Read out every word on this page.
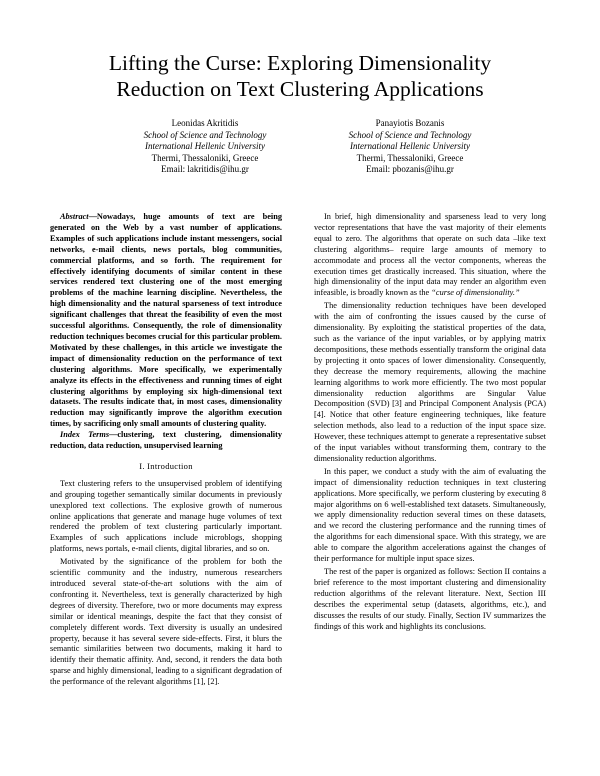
Lifting the Curse: Exploring Dimensionality
Reduction on Text Clustering Applications
Leonidas Akritidis
School of Science and Technology
International Hellenic University
Thermi, Thessaloniki, Greece
Email: lakritidis@ihu.gr
Panayiotis Bozanis
School of Science and Technology
International Hellenic University
Thermi, Thessaloniki, Greece
Email: pbozanis@ihu.gr

Abstract—Nowadays, huge amounts of text are being generated on the Web by a vast number of applications. Examples of such applications include instant messengers, social networks, e-mail clients, news portals, blog communities, commercial platforms, and so forth. The requirement for effectively identifying documents of similar content in these services rendered text clustering one of the most emerging problems of the machine learning discipline. Nevertheless, the high dimensionality and the natural sparseness of text introduce significant challenges that threat the feasibility of even the most successful algorithms. Consequently, the role of dimensionality reduction techniques becomes crucial for this particular problem. Motivated by these challenges, in this article we investigate the impact of dimensionality reduction on the performance of text clustering algorithms. More specifically, we experimentally analyze its effects in the effectiveness and running times of eight clustering algorithms by employing six high-dimensional text datasets. The results indicate that, in most cases, dimensionality reduction may significantly improve the algorithm execution times, by sacrificing only small amounts of clustering quality.

Index Terms—clustering, text clustering, dimensionality reduction, data reduction, unsupervised learning

I. Introduction

Text clustering refers to the unsupervised problem of identifying and grouping together semantically similar documents in previously unexplored text collections. The explosive growth of numerous online applications that generate and manage huge volumes of text rendered the problem of text clustering particularly important. Examples of such applications include microblogs, shopping platforms, news portals, e-mail clients, digital libraries, and so on.

Motivated by the significance of the problem for both the scientific community and the industry, numerous researchers introduced several state-of-the-art solutions with the aim of confronting it. Nevertheless, text is generally characterized by high degrees of diversity. Therefore, two or more documents may express similar or identical meanings, despite the fact that they consist of completely different words. Text diversity is usually an undesired property, because it has several severe side-effects. First, it blurs the semantic similarities between two documents, making it hard to identify their thematic affinity. And, second, it renders the data both sparse and highly dimensional, leading to a significant degradation of the performance of the relevant algorithms [1], [2].

In brief, high dimensionality and sparseness lead to very long vector representations that have the vast majority of their elements equal to zero. The algorithms that operate on such data –like text clustering algorithms– require large amounts of memory to accommodate and process all the vector components, whereas the execution times get drastically increased. This situation, where the high dimensionality of the input data may render an algorithm even infeasible, is broadly known as the “curse of dimensionality.”

The dimensionality reduction techniques have been developed with the aim of confronting the issues caused by the curse of dimensionality. By exploiting the statistical properties of the data, such as the variance of the input variables, or by applying matrix decompositions, these methods essentially transform the original data by projecting it onto spaces of lower dimensionality. Consequently, they decrease the memory requirements, allowing the machine learning algorithms to work more efficiently. The two most popular dimensionality reduction algorithms are Singular Value Decomposition (SVD) [3] and Principal Component Analysis (PCA) [4]. Notice that other feature engineering techniques, like feature selection methods, also lead to a reduction of the input space size. However, these techniques attempt to generate a representative subset of the input variables without transforming them, contrary to the dimensionality reduction algorithms.

In this paper, we conduct a study with the aim of evaluating the impact of dimensionality reduction techniques in text clustering applications. More specifically, we perform clustering by executing 8 major algorithms on 6 well-established text datasets. Simultaneously, we apply dimensionality reduction several times on these datasets, and we record the clustering performance and the running times of the algorithms for each dimensional space. With this strategy, we are able to compare the algorithm accelerations against the changes of their performance for multiple input space sizes.

The rest of the paper is organized as follows: Section II contains a brief reference to the most important clustering and dimensionality reduction algorithms of the relevant literature. Next, Section III describes the experimental setup (datasets, algorithms, etc.), and discusses the results of our study. Finally, Section IV summarizes the findings of this work and highlights its conclusions.
